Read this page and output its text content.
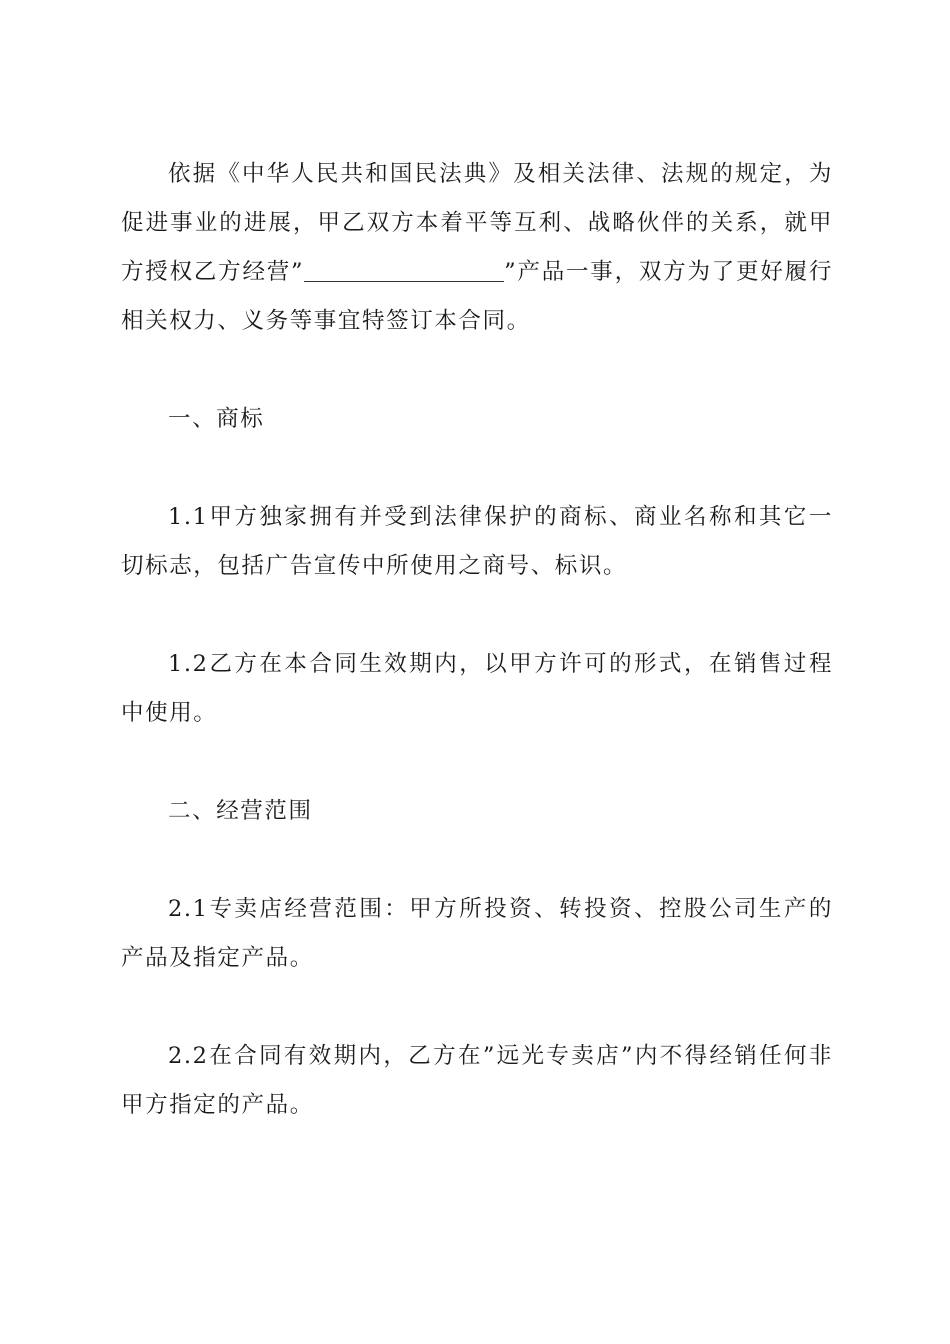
依据《中华人民共和国民法典》及相关法律、法规的规定，为促进事业的进展，甲乙双方本着平等互利、战略伙伴的关系，就甲方授权乙方经营”	”产品一事，双方为了更好履行相关权力、义务等事宜特签订本合同。

一、商标

1.1甲方独家拥有并受到法律保护的商标、商业名称和其它一切标志，包括广告宣传中所使用之商号、标识。

1.2乙方在本合同生效期内，以甲方许可的形式，在销售过程中使用。

二、经营范围

2.1专卖店经营范围：甲方所投资、转投资、控股公司生产的产品及指定产品。

2.2在合同有效期内，乙方在”远光专卖店”内不得经销任何非甲方指定的产品。
